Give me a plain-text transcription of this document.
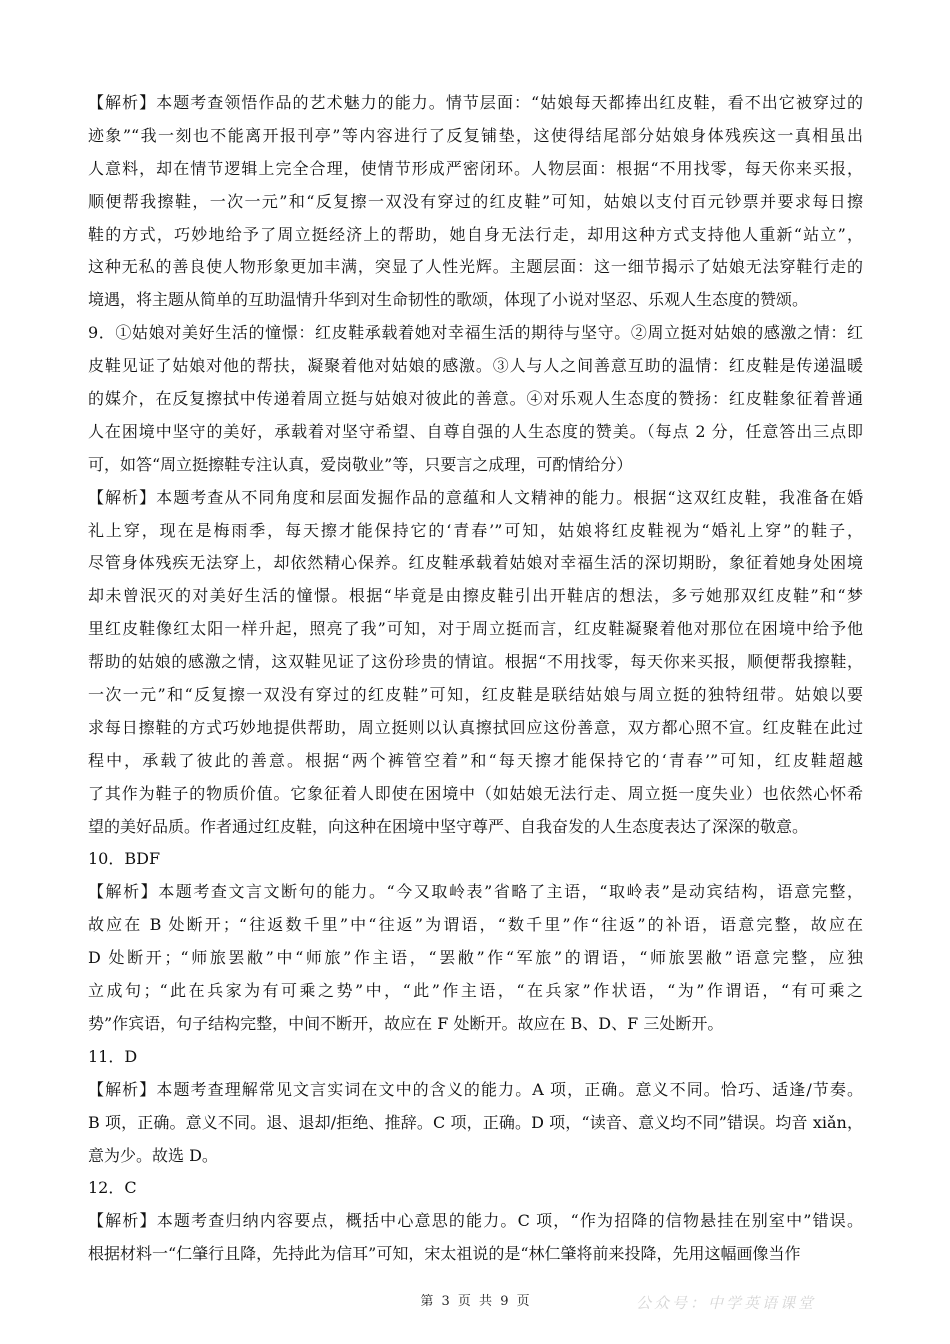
【解析】本题考查领悟作品的艺术魅力的能力。情节层面：“姑娘每天都捧出红皮鞋，看不出它被穿过的
迹象”“我一刻也不能离开报刊亭”等内容进行了反复铺垫，这使得结尾部分姑娘身体残疾这一真相虽出
人意料，却在情节逻辑上完全合理，使情节形成严密闭环。人物层面：根据“不用找零，每天你来买报，
顺便帮我擦鞋，一次一元”和“反复擦一双没有穿过的红皮鞋”可知，姑娘以支付百元钞票并要求每日擦
鞋的方式，巧妙地给予了周立挺经济上的帮助，她自身无法行走，却用这种方式支持他人重新“站立”，
这种无私的善良使人物形象更加丰满，突显了人性光辉。主题层面：这一细节揭示了姑娘无法穿鞋行走的
境遇，将主题从简单的互助温情升华到对生命韧性的歌颂，体现了小说对坚忍、乐观人生态度的赞颂。
9．①姑娘对美好生活的憧憬：红皮鞋承载着她对幸福生活的期待与坚守。②周立挺对姑娘的感激之情：红
皮鞋见证了姑娘对他的帮扶，凝聚着他对姑娘的感激。③人与人之间善意互助的温情：红皮鞋是传递温暖
的媒介，在反复擦拭中传递着周立挺与姑娘对彼此的善意。④对乐观人生态度的赞扬：红皮鞋象征着普通
人在困境中坚守的美好，承载着对坚守希望、自尊自强的人生态度的赞美。（每点 2 分，任意答出三点即
可，如答“周立挺擦鞋专注认真，爱岗敬业”等，只要言之成理，可酌情给分）
【解析】本题考查从不同角度和层面发掘作品的意蕴和人文精神的能力。根据“这双红皮鞋，我准备在婚
礼上穿，现在是梅雨季，每天擦才能保持它的‘青春’”可知，姑娘将红皮鞋视为“婚礼上穿”的鞋子，
尽管身体残疾无法穿上，却依然精心保养。红皮鞋承载着姑娘对幸福生活的深切期盼，象征着她身处困境
却未曾泯灭的对美好生活的憧憬。根据“毕竟是由擦皮鞋引出开鞋店的想法，多亏她那双红皮鞋”和“梦
里红皮鞋像红太阳一样升起，照亮了我”可知，对于周立挺而言，红皮鞋凝聚着他对那位在困境中给予他
帮助的姑娘的感激之情，这双鞋见证了这份珍贵的情谊。根据“不用找零，每天你来买报，顺便帮我擦鞋，
一次一元”和“反复擦一双没有穿过的红皮鞋”可知，红皮鞋是联结姑娘与周立挺的独特纽带。姑娘以要
求每日擦鞋的方式巧妙地提供帮助，周立挺则以认真擦拭回应这份善意，双方都心照不宣。红皮鞋在此过
程中，承载了彼此的善意。根据“两个裤管空着”和“每天擦才能保持它的‘青春’”可知，红皮鞋超越
了其作为鞋子的物质价值。它象征着人即使在困境中（如姑娘无法行走、周立挺一度失业）也依然心怀希
望的美好品质。作者通过红皮鞋，向这种在困境中坚守尊严、自我奋发的人生态度表达了深深的敬意。
10．BDF
【解析】本题考查文言文断句的能力。“今又取岭表”省略了主语，“取岭表”是动宾结构，语意完整，
故应在 B 处断开；“往返数千里”中“往返”为谓语，“数千里”作“往返”的补语，语意完整，故应在
D 处断开；“师旅罢敝”中“师旅”作主语，“罢敝”作“军旅”的谓语，“师旅罢敝”语意完整，应独
立成句；“此在兵家为有可乘之势”中，“此”作主语，“在兵家”作状语，“为”作谓语，“有可乘之
势”作宾语，句子结构完整，中间不断开，故应在 F 处断开。故应在 B、D、F 三处断开。
11．D
【解析】本题考查理解常见文言实词在文中的含义的能力。A 项，正确。意义不同。恰巧、适逢/节奏。
B 项，正确。意义不同。退、退却/拒绝、推辞。C 项，正确。D 项，“读音、意义均不同”错误。均音 xiǎn，
意为少。故选 D。
12．C
【解析】本题考查归纳内容要点，概括中心意思的能力。C 项，“作为招降的信物悬挂在别室中”错误。
根据材料一“仁肇行且降，先持此为信耳”可知，宋太祖说的是“林仁肇将前来投降，先用这幅画像当作
第 3 页 共 9 页	公众号：中学英语课堂
